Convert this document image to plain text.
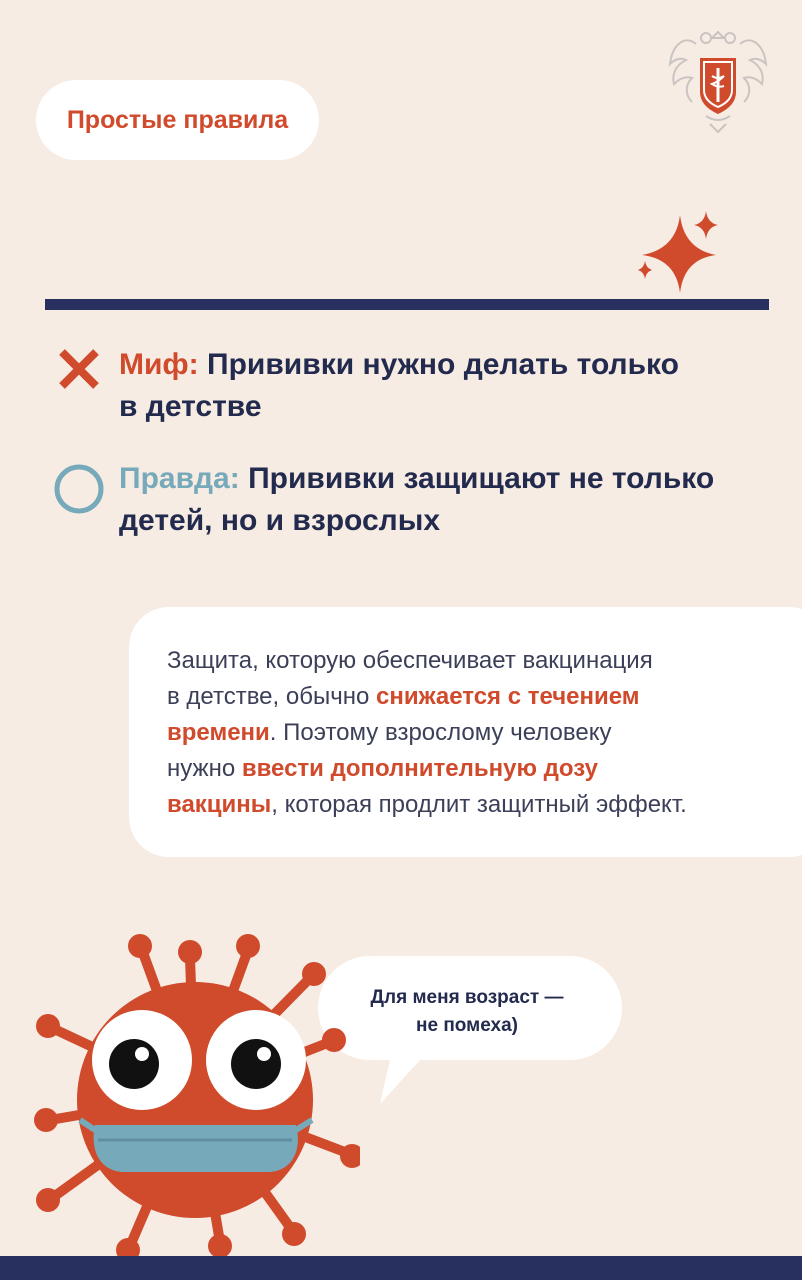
Простые правила
Миф: Прививки нужно делать только
в детстве
Правда: Прививки защищают не только
детей, но и взрослых
Защита, которую обеспечивает вакцинация
в детстве, обычно снижается с течением
времени. Поэтому взрослому человеку
нужно ввести дополнительную дозу
вакцины, которая продлит защитный эффект.
Для меня возраст —
не помеха)
